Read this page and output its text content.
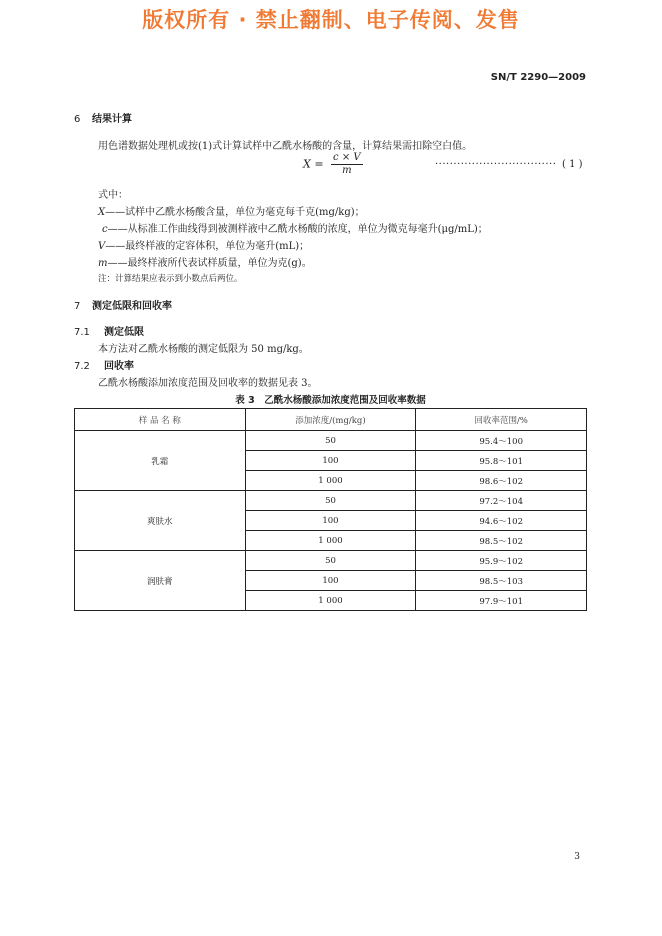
版权所有 · 禁止翻制、电子传阅、发售
SN/T 2290—2009
6 结果计算
用色谱数据处理机或按(1)式计算试样中乙酰水杨酸的含量，计算结果需扣除空白值。
$X = \frac{c \times V}{m}$	································· ( 1 )
式中：
X——试样中乙酰水杨酸含量，单位为毫克每千克(mg/kg)；
c——从标准工作曲线得到被测样液中乙酰水杨酸的浓度，单位为微克每毫升(μg/mL)；
V——最终样液的定容体积，单位为毫升(mL)；
m——最终样液所代表试样质量，单位为克(g)。
注：计算结果应表示到小数点后两位。
7 测定低限和回收率
7.1 测定低限
本方法对乙酰水杨酸的测定低限为 50 mg/kg。
7.2 回收率
乙酰水杨酸添加浓度范围及回收率的数据见表 3。
表 3　乙酰水杨酸添加浓度范围及回收率数据
样 品 名 称	添加浓度/(mg/kg)	回收率范围/%
乳霜	50	95.4～100
	100	95.8～101
	1 000	98.6～102
爽肤水	50	97.2～104
	100	94.6～102
	1 000	98.5～102
润肤膏	50	95.9～102
	100	98.5～103
	1 000	97.9～101
3
